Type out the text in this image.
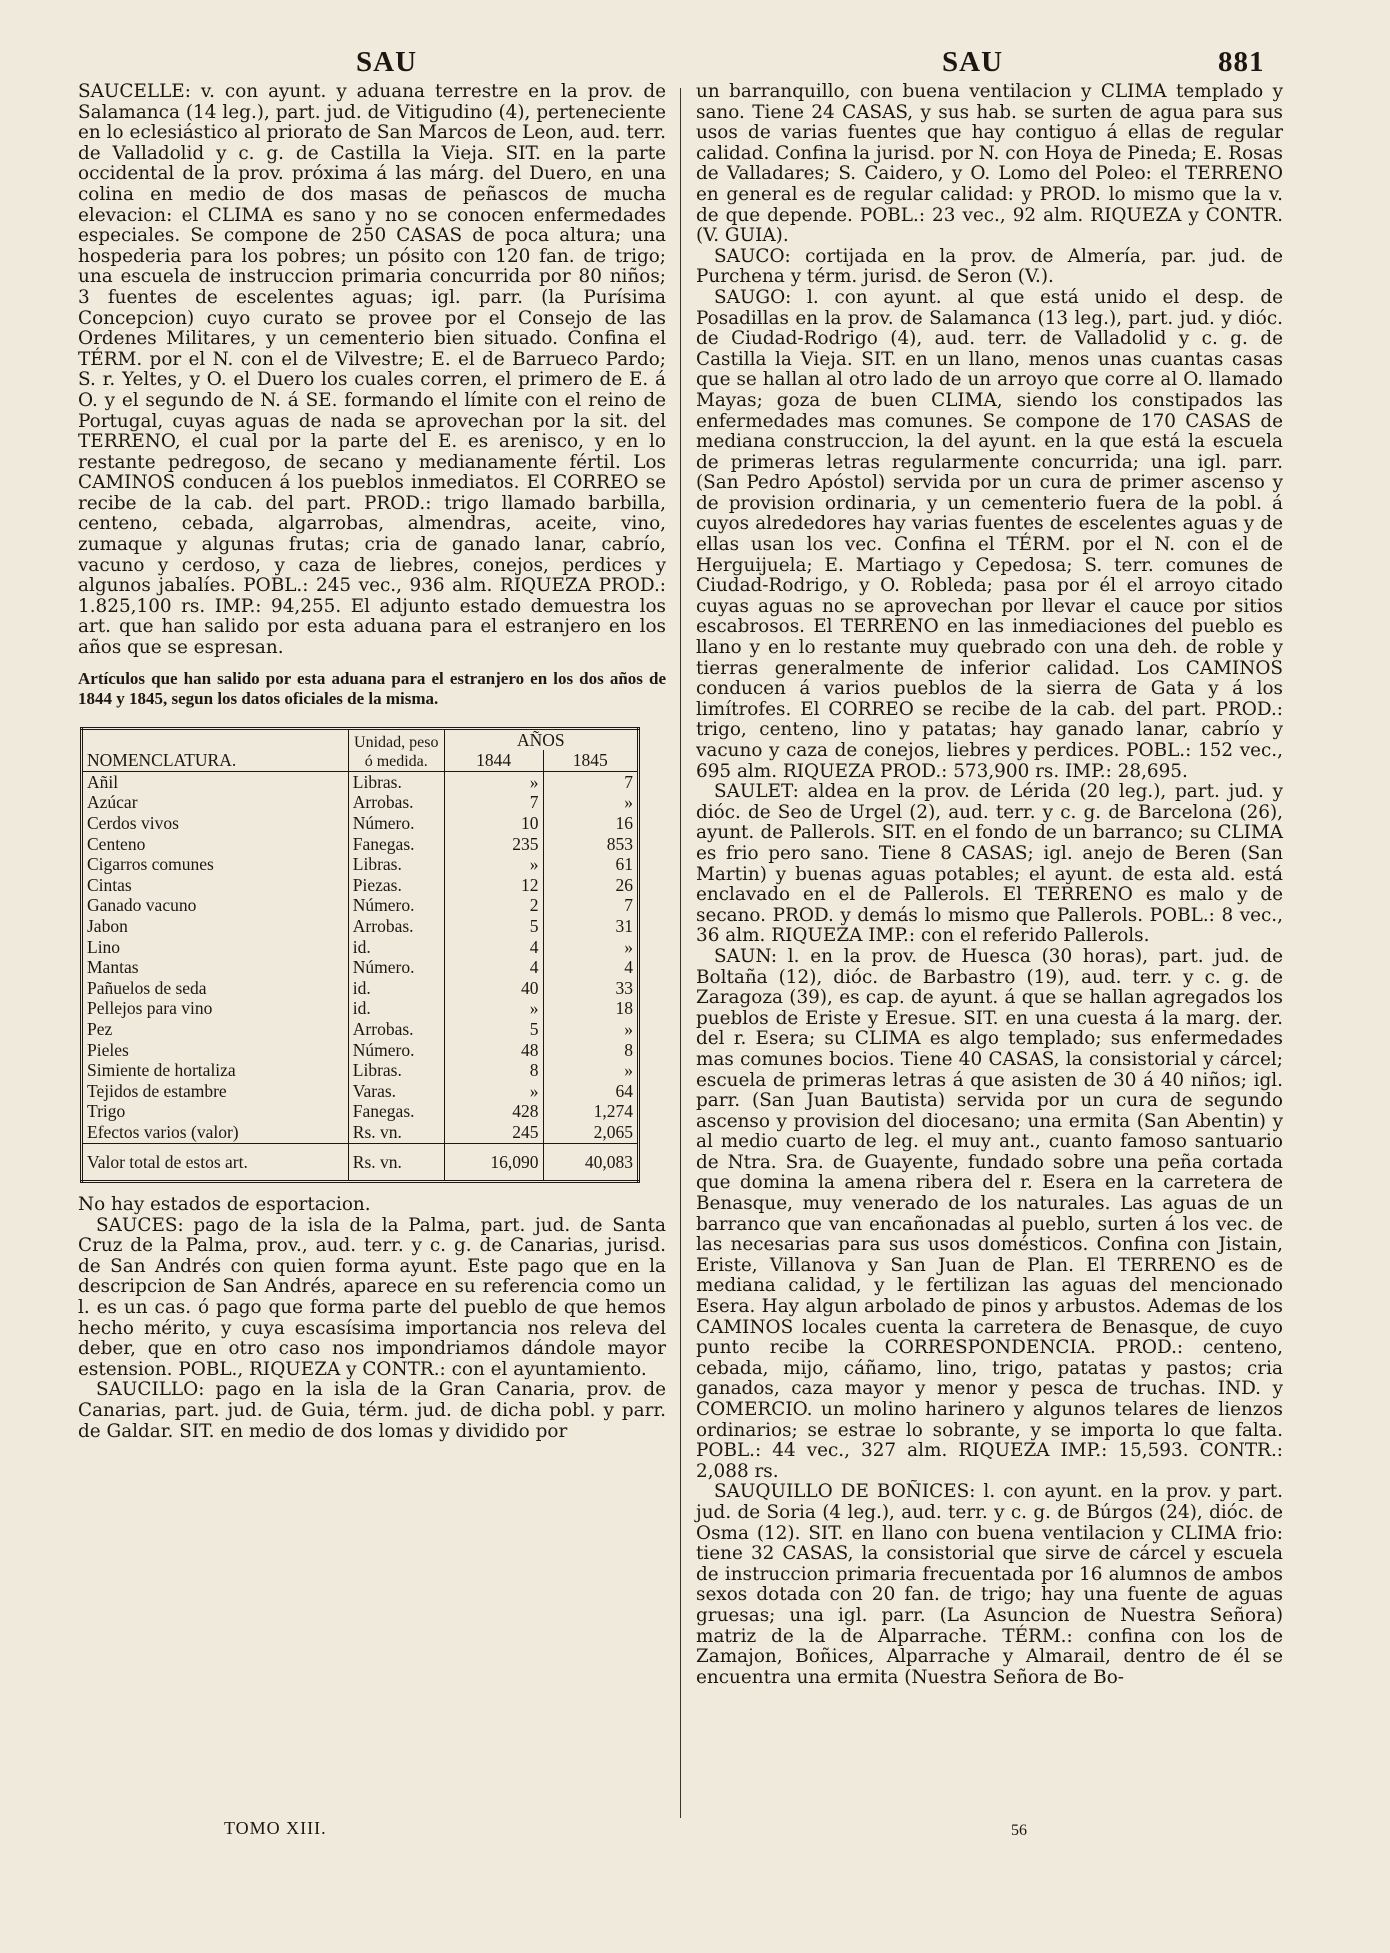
SAU	SAU	881

SAUCELLE: v. con ayunt. y aduana terrestre en la prov. de Salamanca (14 leg.), part. jud. de Vitigudino (4), perteneciente en lo eclesiástico al priorato de San Marcos de Leon, aud. terr. de Valladolid y c. g. de Castilla la Vieja. SIT. en la parte occidental de la prov. próxima á las márg. del Duero, en una colina en medio de dos masas de peñascos de mucha elevacion: el CLIMA es sano y no se conocen enfermedades especiales. Se compone de 250 CASAS de poca altura; una hospederia para los pobres; un pósito con 120 fan. de trigo; una escuela de instruccion primaria concurrida por 80 niños; 3 fuentes de escelentes aguas; igl. parr. (la Purísima Concepcion) cuyo curato se provee por el Consejo de las Ordenes Militares, y un cementerio bien situado. Confina el TÉRM. por el N. con el de Vilvestre; E. el de Barrueco Pardo; S. r. Yeltes, y O. el Duero los cuales corren, el primero de E. á O. y el segundo de N. á SE. formando el límite con el reino de Portugal, cuyas aguas de nada se aprovechan por la sit. del TERRENO, el cual por la parte del E. es arenisco, y en lo restante pedregoso, de secano y medianamente fértil. Los CAMINOS conducen á los pueblos inmediatos. El CORREO se recibe de la cab. del part. PROD.: trigo llamado barbilla, centeno, cebada, algarrobas, almendras, aceite, vino, zumaque y algunas frutas; cria de ganado lanar, cabrío, vacuno y cerdoso, y caza de liebres, conejos, perdices y algunos jabalíes. POBL.: 245 vec., 936 alm. RIQUEZA PROD.: 1.825,100 rs. IMP.: 94,255. El adjunto estado demuestra los art. que han salido por esta aduana para el estranjero en los años que se espresan.

Artículos que han salido por esta aduana para el estranjero en los dos años de 1844 y 1845, segun los datos oficiales de la misma.

NOMENCLATURA.	Unidad, peso ó medida.	AÑOS	
		1844	1845
Añil	Libras.	»	7
Azúcar	Arrobas.	7	»
Cerdos vivos	Número.	10	16
Centeno	Fanegas.	235	853
Cigarros comunes	Libras.	»	61
Cintas	Piezas.	12	26
Ganado vacuno	Número.	2	7
Jabon	Arrobas.	5	31
Lino	id.	4	»
Mantas	Número.	4	4
Pañuelos de seda	id.	40	33
Pellejos para vino	id.	»	18
Pez	Arrobas.	5	»
Pieles	Número.	48	8
Simiente de hortaliza	Libras.	8	»
Tejidos de estambre	Varas.	»	64
Trigo	Fanegas.	428	1,274
Efectos varios (valor)	Rs. vn.	245	2,065
Valor total de estos art.	Rs. vn.	16,090	40,083

No hay estados de esportacion.

SAUCES: pago de la isla de la Palma, part. jud. de Santa Cruz de la Palma, prov., aud. terr. y c. g. de Canarias, jurisd. de San Andrés con quien forma ayunt. Este pago que en la descripcion de San Andrés, aparece en su referencia como un l. es un cas. ó pago que forma parte del pueblo de que hemos hecho mérito, y cuya escasísima importancia nos releva del deber, que en otro caso nos impondriamos dándole mayor estension. POBL., RIQUEZA y CONTR.: con el ayuntamiento.

SAUCILLO: pago en la isla de la Gran Canaria, prov. de Canarias, part. jud. de Guia, térm. jud. de dicha pobl. y parr. de Galdar. SIT. en medio de dos lomas y dividido por

un barranquillo, con buena ventilacion y CLIMA templado y sano. Tiene 24 CASAS, y sus hab. se surten de agua para sus usos de varias fuentes que hay contiguo á ellas de regular calidad. Confina la jurisd. por N. con Hoya de Pineda; E. Rosas de Valladares; S. Caidero, y O. Lomo del Poleo: el TERRENO en general es de regular calidad: y PROD. lo mismo que la v. de que depende. POBL.: 23 vec., 92 alm. RIQUEZA y CONTR. (V. GUIA).

SAUCO: cortijada en la prov. de Almería, par. jud. de Purchena y térm. jurisd. de Seron (V.).

SAUGO: l. con ayunt. al que está unido el desp. de Posadillas en la prov. de Salamanca (13 leg.), part. jud. y dióc. de Ciudad-Rodrigo (4), aud. terr. de Valladolid y c. g. de Castilla la Vieja. SIT. en un llano, menos unas cuantas casas que se hallan al otro lado de un arroyo que corre al O. llamado Mayas; goza de buen CLIMA, siendo los constipados las enfermedades mas comunes. Se compone de 170 CASAS de mediana construccion, la del ayunt. en la que está la escuela de primeras letras regularmente concurrida; una igl. parr. (San Pedro Apóstol) servida por un cura de primer ascenso y de provision ordinaria, y un cementerio fuera de la pobl. á cuyos alrededores hay varias fuentes de escelentes aguas y de ellas usan los vec. Confina el TÉRM. por el N. con el de Herguijuela; E. Martiago y Cepedosa; S. terr. comunes de Ciudad-Rodrigo, y O. Robleda; pasa por él el arroyo citado cuyas aguas no se aprovechan por llevar el cauce por sitios escabrosos. El TERRENO en las inmediaciones del pueblo es llano y en lo restante muy quebrado con una deh. de roble y tierras generalmente de inferior calidad. Los CAMINOS conducen á varios pueblos de la sierra de Gata y á los limítrofes. El CORREO se recibe de la cab. del part. PROD.: trigo, centeno, lino y patatas; hay ganado lanar, cabrío y vacuno y caza de conejos, liebres y perdices. POBL.: 152 vec., 695 alm. RIQUEZA PROD.: 573,900 rs. IMP.: 28,695.

SAULET: aldea en la prov. de Lérida (20 leg.), part. jud. y dióc. de Seo de Urgel (2), aud. terr. y c. g. de Barcelona (26), ayunt. de Pallerols. SIT. en el fondo de un barranco; su CLIMA es frio pero sano. Tiene 8 CASAS; igl. anejo de Beren (San Martin) y buenas aguas potables; el ayunt. de esta ald. está enclavado en el de Pallerols. El TERRENO es malo y de secano. PROD. y demás lo mismo que Pallerols. POBL.: 8 vec., 36 alm. RIQUEZA IMP.: con el referido Pallerols.

SAUN: l. en la prov. de Huesca (30 horas), part. jud. de Boltaña (12), dióc. de Barbastro (19), aud. terr. y c. g. de Zaragoza (39), es cap. de ayunt. á que se hallan agregados los pueblos de Eriste y Eresue. SIT. en una cuesta á la marg. der. del r. Esera; su CLIMA es algo templado; sus enfermedades mas comunes bocios. Tiene 40 CASAS, la consistorial y cárcel; escuela de primeras letras á que asisten de 30 á 40 niños; igl. parr. (San Juan Bautista) servida por un cura de segundo ascenso y provision del diocesano; una ermita (San Abentin) y al medio cuarto de leg. el muy ant., cuanto famoso santuario de Ntra. Sra. de Guayente, fundado sobre una peña cortada que domina la amena ribera del r. Esera en la carretera de Benasque, muy venerado de los naturales. Las aguas de un barranco que van encañonadas al pueblo, surten á los vec. de las necesarias para sus usos domésticos. Confina con Jistain, Eriste, Villanova y San Juan de Plan. El TERRENO es de mediana calidad, y le fertilizan las aguas del mencionado Esera. Hay algun arbolado de pinos y arbustos. Ademas de los CAMINOS locales cuenta la carretera de Benasque, de cuyo punto recibe la CORRESPONDENCIA. PROD.: centeno, cebada, mijo, cáñamo, lino, trigo, patatas y pastos; cria ganados, caza mayor y menor y pesca de truchas. IND. y COMERCIO. un molino harinero y algunos telares de lienzos ordinarios; se estrae lo sobrante, y se importa lo que falta. POBL.: 44 vec., 327 alm. RIQUEZA IMP.: 15,593. CONTR.: 2,088 rs.

SAUQUILLO DE BOÑICES: l. con ayunt. en la prov. y part. jud. de Soria (4 leg.), aud. terr. y c. g. de Búrgos (24), dióc. de Osma (12). SIT. en llano con buena ventilacion y CLIMA frio: tiene 32 CASAS, la consistorial que sirve de cárcel y escuela de instruccion primaria frecuentada por 16 alumnos de ambos sexos dotada con 20 fan. de trigo; hay una fuente de aguas gruesas; una igl. parr. (La Asuncion de Nuestra Señora) matriz de la de Alparrache. TÉRM.: confina con los de Zamajon, Boñices, Alparrache y Almarail, dentro de él se encuentra una ermita (Nuestra Señora de Bo-

TOMO XIII.	56
